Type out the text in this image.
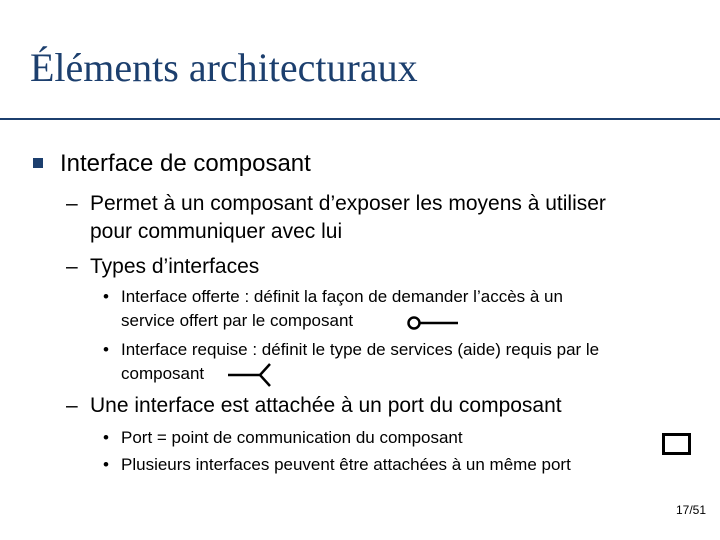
Éléments architecturaux
Interface de composant
– Permet à un composant d’exposer les moyens à utiliser
pour communiquer avec lui
– Types d’interfaces
• Interface offerte : définit la façon de demander l’accès à un
service offert par le composant
• Interface requise : définit le type de services (aide) requis par le
composant
– Une interface est attachée à un port du composant
• Port = point de communication du composant
• Plusieurs interfaces peuvent être attachées à un même port
17/51
